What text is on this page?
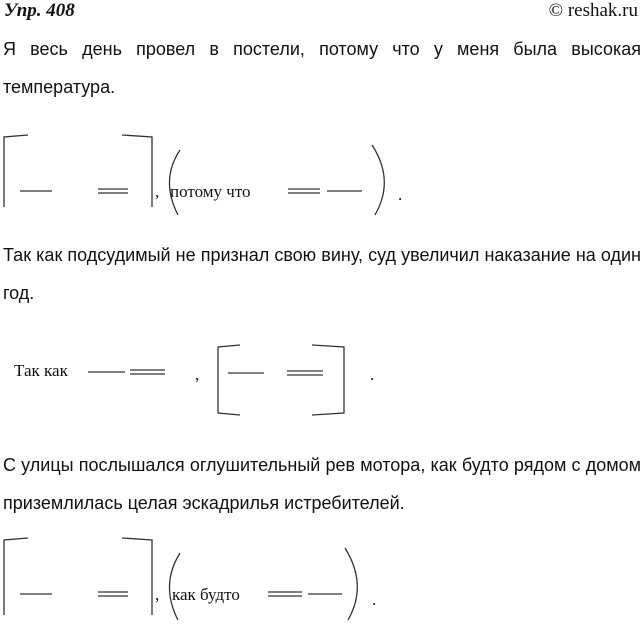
Упр. 408	© reshak.ru
Я весь день провел в постели, потому что у меня была высокая температура.
Так как подсудимый не признал свою вину, суд увеличил наказание на один год.
С улицы послышался оглушительный рев мотора, как будто рядом с домом приземлилась целая эскадрилья истребителей.
, потому что	.
Так как	,	.
, как будто	.
